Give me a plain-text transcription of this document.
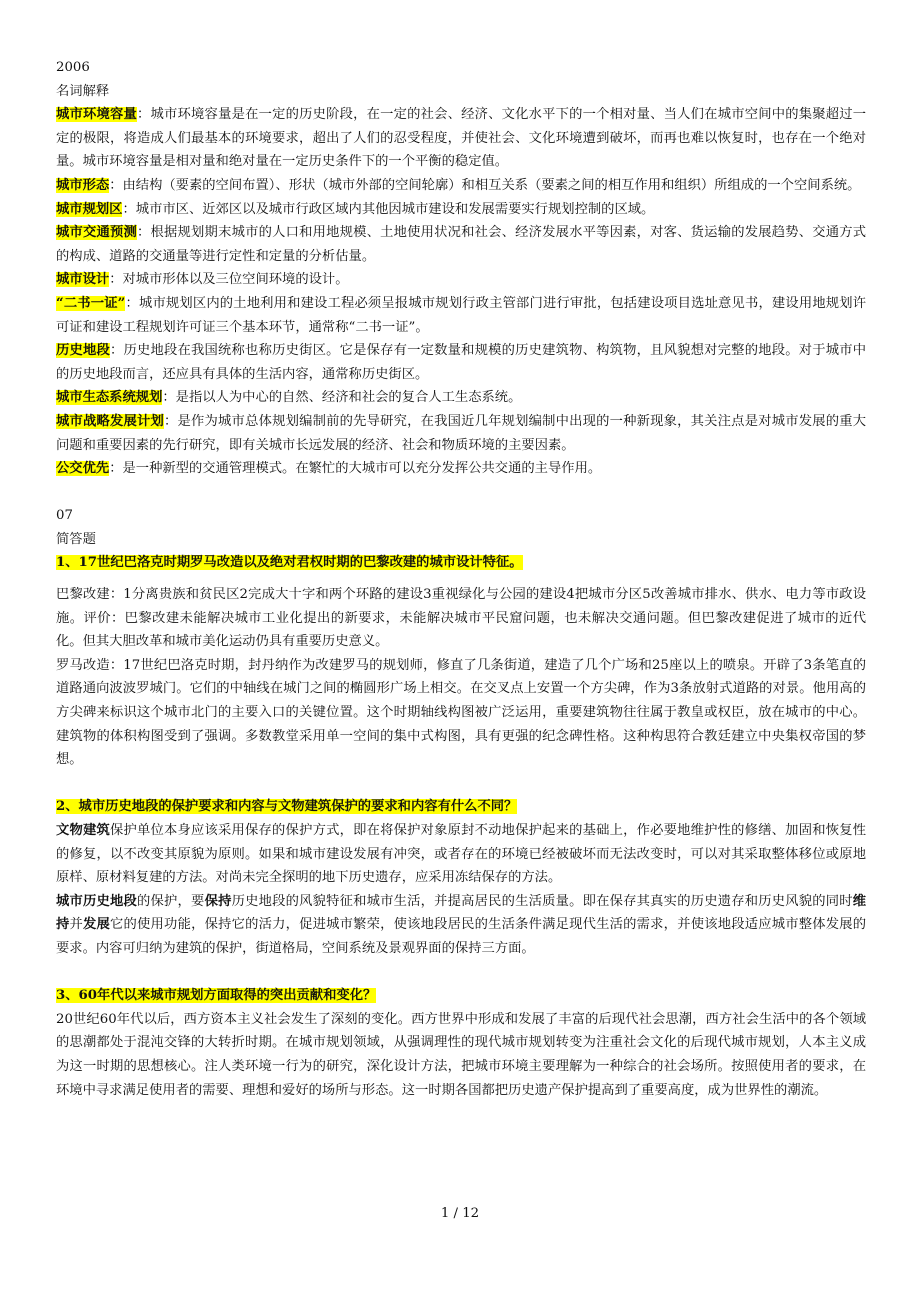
2006
名词解释
城市环境容量：城市环境容量是在一定的历史阶段，在一定的社会、经济、文化水平下的一个相对量、当人们在城市空间中的集聚超过一定的极限，将造成人们最基本的环境要求，超出了人们的忍受程度，并使社会、文化环境遭到破坏，而再也难以恢复时，也存在一个绝对量。城市环境容量是相对量和绝对量在一定历史条件下的一个平衡的稳定值。
城市形态：由结构（要素的空间布置）、形状（城市外部的空间轮廓）和相互关系（要素之间的相互作用和组织）所组成的一个空间系统。
城市规划区：城市市区、近郊区以及城市行政区域内其他因城市建设和发展需要实行规划控制的区域。
城市交通预测：根据规划期末城市的人口和用地规模、土地使用状况和社会、经济发展水平等因素，对客、货运输的发展趋势、交通方式的构成、道路的交通量等进行定性和定量的分析估量。
城市设计：对城市形体以及三位空间环境的设计。
“二书一证”：城市规划区内的土地利用和建设工程必须呈报城市规划行政主管部门进行审批，包括建设项目选址意见书，建设用地规划许可证和建设工程规划许可证三个基本环节，通常称“二书一证”。
历史地段：历史地段在我国统称也称历史街区。它是保存有一定数量和规模的历史建筑物、构筑物，且风貌想对完整的地段。对于城市中的历史地段而言，还应具有具体的生活内容，通常称历史街区。
城市生态系统规划：是指以人为中心的自然、经济和社会的复合人工生态系统。
城市战略发展计划：是作为城市总体规划编制前的先导研究，在我国近几年规划编制中出现的一种新现象，其关注点是对城市发展的重大问题和重要因素的先行研究，即有关城市长远发展的经济、社会和物质环境的主要因素。
公交优先：是一种新型的交通管理模式。在繁忙的大城市可以充分发挥公共交通的主导作用。
07
简答题
1、17世纪巴洛克时期罗马改造以及绝对君权时期的巴黎改建的城市设计特征。
巴黎改建：1分离贵族和贫民区2完成大十字和两个环路的建设3重视绿化与公园的建设4把城市分区5改善城市排水、供水、电力等市政设施。评价：巴黎改建未能解决城市工业化提出的新要求，未能解决城市平民窟问题，也未解决交通问题。但巴黎改建促进了城市的近代化。但其大胆改革和城市美化运动仍具有重要历史意义。
罗马改造：17世纪巴洛克时期，封丹纳作为改建罗马的规划师，修直了几条街道，建造了几个广场和25座以上的喷泉。开辟了3条笔直的道路通向波波罗城门。它们的中轴线在城门之间的椭圆形广场上相交。在交叉点上安置一个方尖碑，作为3条放射式道路的对景。他用高的方尖碑来标识这个城市北门的主要入口的关键位置。这个时期轴线构图被广泛运用，重要建筑物往往属于教皇或权臣，放在城市的中心。建筑物的体积构图受到了强调。多数教堂采用单一空间的集中式构图，具有更强的纪念碑性格。这种构思符合教廷建立中央集权帝国的梦想。
2、城市历史地段的保护要求和内容与文物建筑保护的要求和内容有什么不同？
文物建筑保护单位本身应该采用保存的保护方式，即在将保护对象原封不动地保护起来的基础上，作必要地维护性的修缮、加固和恢复性的修复，以不改变其原貌为原则。如果和城市建设发展有冲突，或者存在的环境已经被破坏而无法改变时，可以对其采取整体移位或原地原样、原材料复建的方法。对尚未完全探明的地下历史遗存，应采用冻结保存的方法。
城市历史地段的保护，要保持历史地段的风貌特征和城市生活，并提高居民的生活质量。即在保存其真实的历史遗存和历史风貌的同时维持并发展它的使用功能，保持它的活力，促进城市繁荣，使该地段居民的生活条件满足现代生活的需求，并使该地段适应城市整体发展的要求。内容可归纳为建筑的保护，街道格局，空间系统及景观界面的保持三方面。
3、60年代以来城市规划方面取得的突出贡献和变化？
20世纪60年代以后，西方资本主义社会发生了深刻的变化。西方世界中形成和发展了丰富的后现代社会思潮，西方社会生活中的各个领域的思潮都处于混沌交锋的大转折时期。在城市规划领域，从强调理性的现代城市规划转变为注重社会文化的后现代城市规划，人本主义成为这一时期的思想核心。注人类环境一行为的研究，深化设计方法，把城市环境主要理解为一种综合的社会场所。按照使用者的要求，在环境中寻求满足使用者的需要、理想和爱好的场所与形态。这一时期各国都把历史遗产保护提高到了重要高度，成为世界性的潮流。
1 / 12
